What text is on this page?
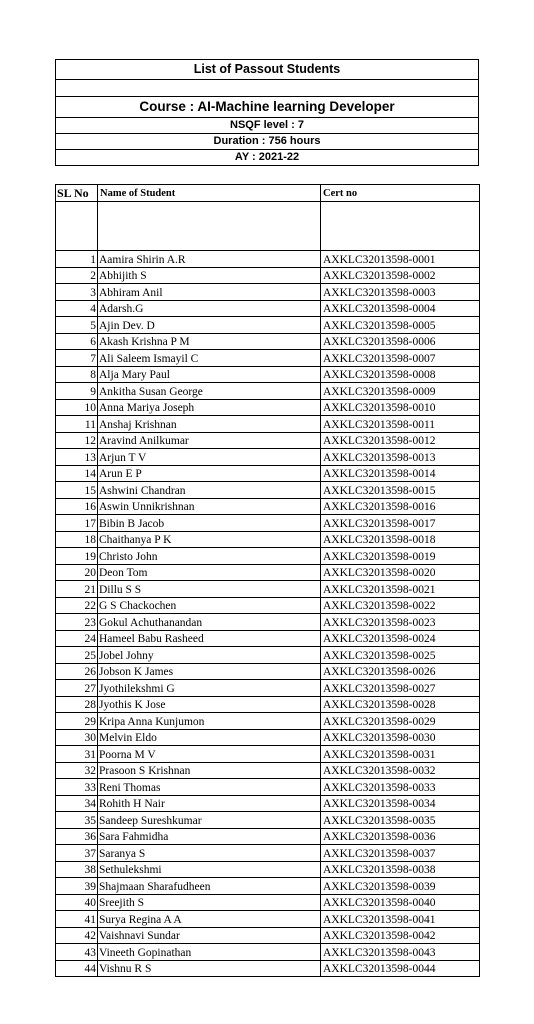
List of Passout Students

Course : AI-Machine learning Developer
NSQF level : 7
Duration : 756 hours
AY : 2021-22
SL No	Name of Student	Cert no

1	Aamira Shirin A.R	AXKLC32013598-0001
2	Abhijith S	AXKLC32013598-0002
3	Abhiram Anil	AXKLC32013598-0003
4	Adarsh.G	AXKLC32013598-0004
5	Ajin Dev. D	AXKLC32013598-0005
6	Akash Krishna P M	AXKLC32013598-0006
7	Ali Saleem Ismayil C	AXKLC32013598-0007
8	Alja Mary Paul	AXKLC32013598-0008
9	Ankitha Susan George	AXKLC32013598-0009
10	Anna Mariya Joseph	AXKLC32013598-0010
11	Anshaj Krishnan	AXKLC32013598-0011
12	Aravind Anilkumar	AXKLC32013598-0012
13	Arjun T V	AXKLC32013598-0013
14	Arun E P	AXKLC32013598-0014
15	Ashwini Chandran	AXKLC32013598-0015
16	Aswin Unnikrishnan	AXKLC32013598-0016
17	Bibin B Jacob	AXKLC32013598-0017
18	Chaithanya P K	AXKLC32013598-0018
19	Christo John	AXKLC32013598-0019
20	Deon Tom	AXKLC32013598-0020
21	Dillu S S	AXKLC32013598-0021
22	G S Chackochen	AXKLC32013598-0022
23	Gokul Achuthanandan	AXKLC32013598-0023
24	Hameel Babu Rasheed	AXKLC32013598-0024
25	Jobel Johny	AXKLC32013598-0025
26	Jobson K James	AXKLC32013598-0026
27	Jyothilekshmi G	AXKLC32013598-0027
28	Jyothis K Jose	AXKLC32013598-0028
29	Kripa Anna Kunjumon	AXKLC32013598-0029
30	Melvin Eldo	AXKLC32013598-0030
31	Poorna M V	AXKLC32013598-0031
32	Prasoon S Krishnan	AXKLC32013598-0032
33	Reni Thomas	AXKLC32013598-0033
34	Rohith H Nair	AXKLC32013598-0034
35	Sandeep Sureshkumar	AXKLC32013598-0035
36	Sara Fahmidha	AXKLC32013598-0036
37	Saranya S	AXKLC32013598-0037
38	Sethulekshmi	AXKLC32013598-0038
39	Shajmaan Sharafudheen	AXKLC32013598-0039
40	Sreejith S	AXKLC32013598-0040
41	Surya Regina A A	AXKLC32013598-0041
42	Vaishnavi Sundar	AXKLC32013598-0042
43	Vineeth Gopinathan	AXKLC32013598-0043
44	Vishnu R S	AXKLC32013598-0044
